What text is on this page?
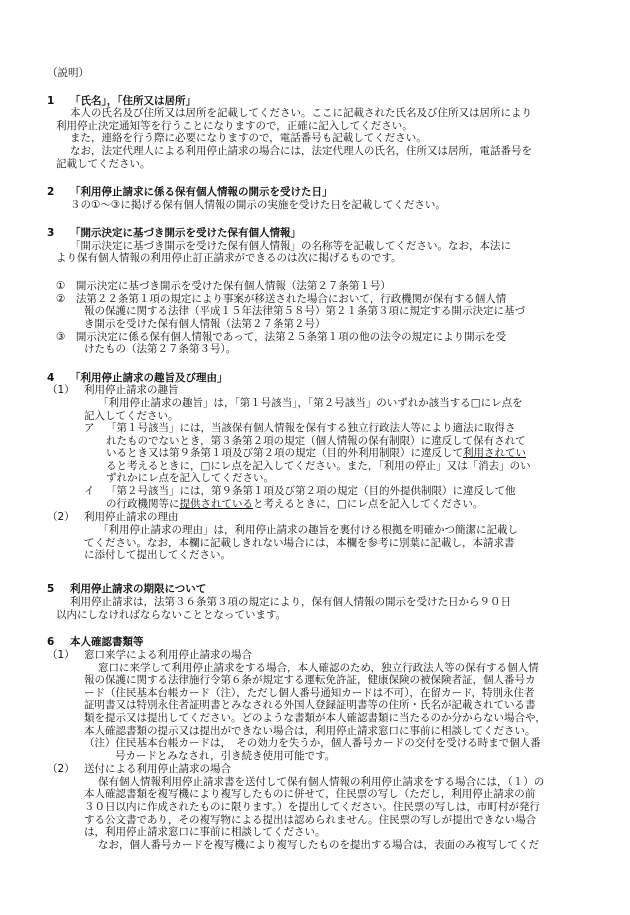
（説明）
1 「氏名」，「住所又は居所」
本人の氏名及び住所又は居所を記載してください。ここに記載された氏名及び住所又は居所により
利用停止決定通知等を行うことになりますので，正確に記入してください。
また，連絡を行う際に必要になりますので，電話番号も記載してください。
なお，法定代理人による利用停止請求の場合には，法定代理人の氏名，住所又は居所，電話番号を
記載してください。
2 「利用停止請求に係る保有個人情報の開示を受けた日」
３の①～③に掲げる保有個人情報の開示の実施を受けた日を記載してください。
3 「開示決定に基づき開示を受けた保有個人情報」
「開示決定に基づき開示を受けた保有個人情報」の名称等を記載してください。なお，本法に
より保有個人情報の利用停止訂正請求ができるのは次に掲げるものです。
①　開示決定に基づき開示を受けた保有個人情報（法第２７条第１号）
②　法第２２条第１項の規定により事案が移送された場合において，行政機関が保有する個人情
報の保護に関する法律（平成１５年法律第５８号）第２１条第３項に規定する開示決定に基づ
き開示を受けた保有個人情報（法第２７条第２号）
③　開示決定に係る保有個人情報であって，法第２５条第１項の他の法令の規定により開示を受
けたもの（法第２７条第３号）。
4 「利用停止請求の趣旨及び理由」
（1） 利用停止請求の趣旨
「利用停止請求の趣旨」は，「第１号該当」，「第２号該当」のいずれか該当する□にレ点を
記入してください。
ア 「第１号該当」には，当該保有個人情報を保有する独立行政法人等により適法に取得さ
れたものでないとき，第３条第２項の規定（個人情報の保有制限）に違反して保有されて
いるとき又は第９条第１項及び第２項の規定（目的外利用制限）に違反して利用されてい
ると考えるときに，□にレ点を記入してください。また，「利用の停止」又は「消去」のい
ずれかにレ点を記入してください。
イ 「第２号該当」には，第９条第１項及び第２項の規定（目的外提供制限）に違反して他
の行政機関等に提供されていると考えるときに，□にレ点を記入してください。
（2） 利用停止請求の理由
「利用停止請求の理由」は，利用停止請求の趣旨を裏付ける根拠を明確かつ簡潔に記載し
てください。なお，本欄に記載しきれない場合には，本欄を参考に別葉に記載し，本請求書
に添付して提出してください。
5 利用停止請求の期限について
利用停止請求は，法第３６条第３項の規定により，保有個人情報の開示を受けた日から９０日
以内にしなければならないこととなっています。
6 本人確認書類等
（1） 窓口来学による利用停止請求の場合
窓口に来学して利用停止請求をする場合，本人確認のため，独立行政法人等の保有する個人情
報の保護に関する法律施行令第６条が規定する運転免許証，健康保険の被保険者証，個人番号カ
ード（住民基本台帳カード（注），ただし個人番号通知カードは不可），在留カード，特別永住者
証明書又は特別永住者証明書とみなされる外国人登録証明書等の住所・氏名が記載されている書
類を提示又は提出してください。どのような書類が本人確認書類に当たるのか分からない場合や，
本人確認書類の提示又は提出ができない場合は，利用停止請求窓口に事前に相談してください。
（注）住民基本台帳カードは，　その効力を失うか，個人番号カードの交付を受ける時まで個人番
号カードとみなされ，引き続き使用可能です。
（2） 送付による利用停止請求の場合
保有個人情報利用停止請求書を送付して保有個人情報の利用停止請求をする場合には，（１）の
本人確認書類を複写機により複写したものに併せて，住民票の写し（ただし，利用停止請求の前
３０日以内に作成されたものに限ります。）を提出してください。住民票の写しは，市町村が発行
する公文書であり，その複写物による提出は認められません。住民票の写しが提出できない場合
は，利用停止請求窓口に事前に相談してください。
なお，個人番号カードを複写機により複写したものを提出する場合は，表面のみ複写してくだ
